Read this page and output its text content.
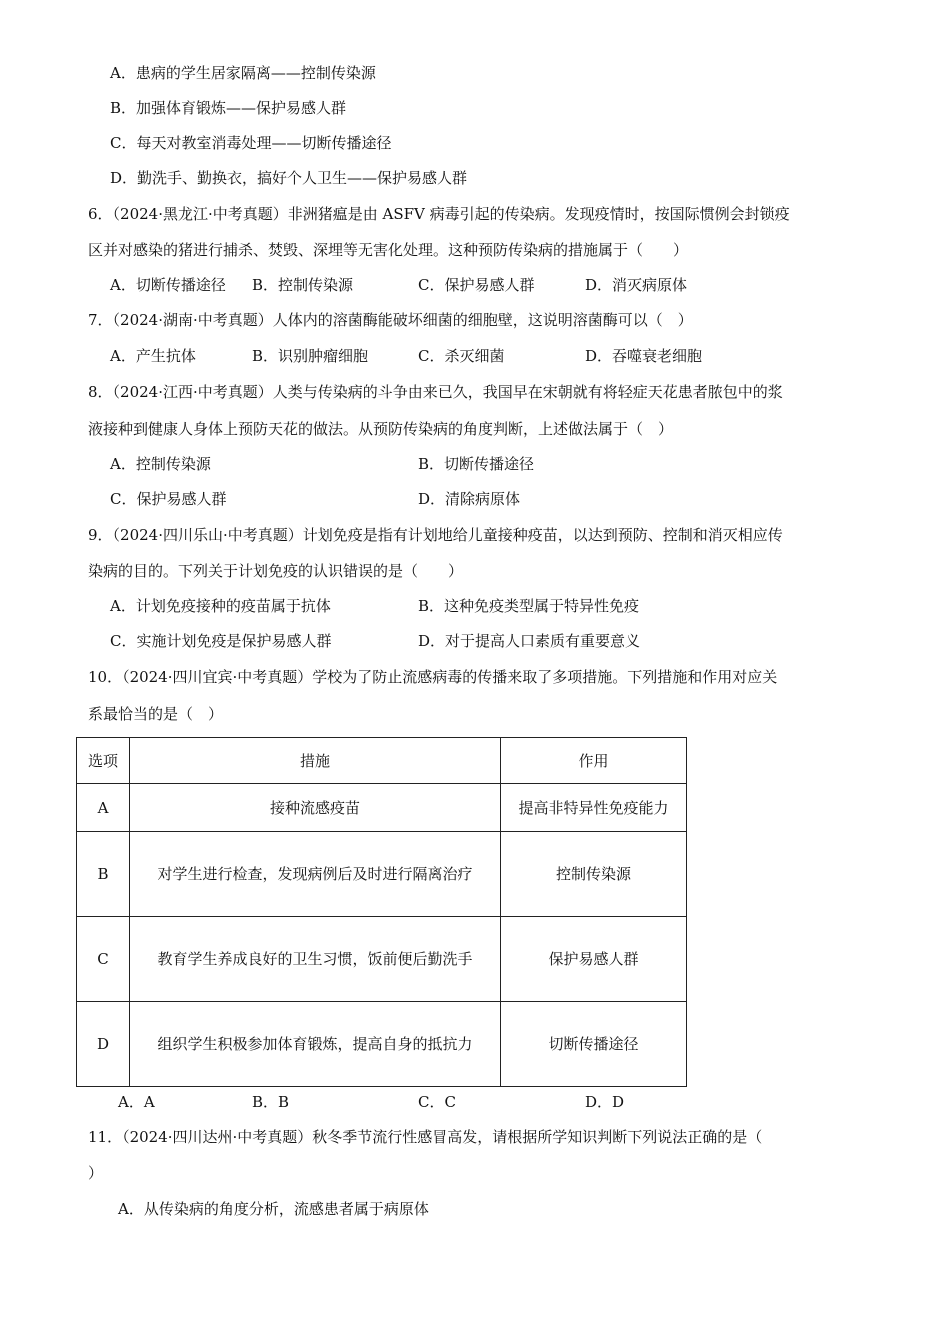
A．患病的学生居家隔离——控制传染源
B．加强体育锻炼——保护易感人群
C．每天对教室消毒处理——切断传播途径
D．勤洗手、勤换衣，搞好个人卫生——保护易感人群
6．（2024·黑龙江·中考真题）非洲猪瘟是由 ASFV 病毒引起的传染病。发现疫情时，按国际惯例会封锁疫
区并对感染的猪进行捕杀、焚毁、深埋等无害化处理。这种预防传染病的措施属于（　　）
A．切断传播途径 B．控制传染源	C．保护易感人群	D．消灭病原体
7．（2024·湖南·中考真题）人体内的溶菌酶能破坏细菌的细胞壁，这说明溶菌酶可以（　）
A．产生抗体	B．识别肿瘤细胞	C．杀灭细菌	D．吞噬衰老细胞
8．（2024·江西·中考真题）人类与传染病的斗争由来已久，我国早在宋朝就有将轻症天花患者脓包中的浆
液接种到健康人身体上预防天花的做法。从预防传染病的角度判断，上述做法属于（　）
A．控制传染源	B．切断传播途径
C．保护易感人群	D．清除病原体
9．（2024·四川乐山·中考真题）计划免疫是指有计划地给儿童接种疫苗，以达到预防、控制和消灭相应传
染病的目的。下列关于计划免疫的认识错误的是（　　）
A．计划免疫接种的疫苗属于抗体	B．这种免疫类型属于特异性免疫
C．实施计划免疫是保护易感人群	D．对于提高人口素质有重要意义
10．（2024·四川宜宾·中考真题）学校为了防止流感病毒的传播来取了多项措施。下列措施和作用对应关
系最恰当的是（　）
选项	措施	作用
A	接种流感疫苗	提高非特异性免疫能力
B	对学生进行检查，发现病例后及时进行隔离治疗	控制传染源
C	教育学生养成良好的卫生习惯，饭前便后勤洗手	保护易感人群
D	组织学生积极参加体育锻炼，提高自身的抵抗力	切断传播途径
A．A	B．B	C．C	D．D
11．（2024·四川达州·中考真题）秋冬季节流行性感冒高发，请根据所学知识判断下列说法正确的是（
）
A．从传染病的角度分析，流感患者属于病原体
